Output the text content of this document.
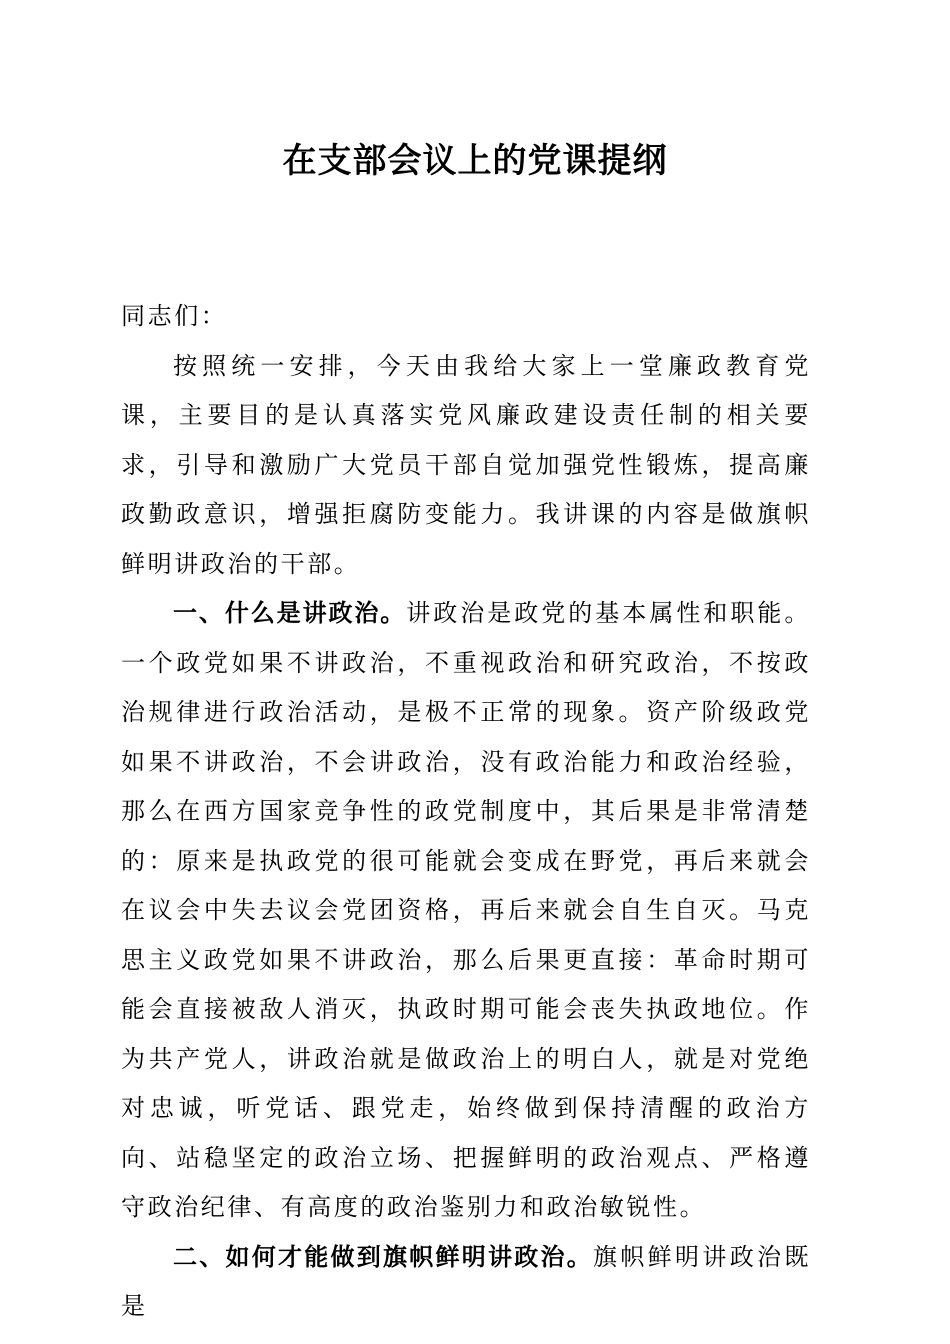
在支部会议上的党课提纲

同志们：

按照统一安排，今天由我给大家上一堂廉政教育党课，主要目的是认真落实党风廉政建设责任制的相关要求，引导和激励广大党员干部自觉加强党性锻炼，提高廉政勤政意识，增强拒腐防变能力。我讲课的内容是做旗帜鲜明讲政治的干部。

一、什么是讲政治。讲政治是政党的基本属性和职能。一个政党如果不讲政治，不重视政治和研究政治，不按政治规律进行政治活动，是极不正常的现象。资产阶级政党如果不讲政治，不会讲政治，没有政治能力和政治经验，那么在西方国家竞争性的政党制度中，其后果是非常清楚的：原来是执政党的很可能就会变成在野党，再后来就会在议会中失去议会党团资格，再后来就会自生自灭。马克思主义政党如果不讲政治，那么后果更直接：革命时期可能会直接被敌人消灭，执政时期可能会丧失执政地位。作为共产党人，讲政治就是做政治上的明白人，就是对党绝对忠诚，听党话、跟党走，始终做到保持清醒的政治方向、站稳坚定的政治立场、把握鲜明的政治观点、严格遵守政治纪律、有高度的政治鉴别力和政治敏锐性。

二、如何才能做到旗帜鲜明讲政治。旗帜鲜明讲政治既是
